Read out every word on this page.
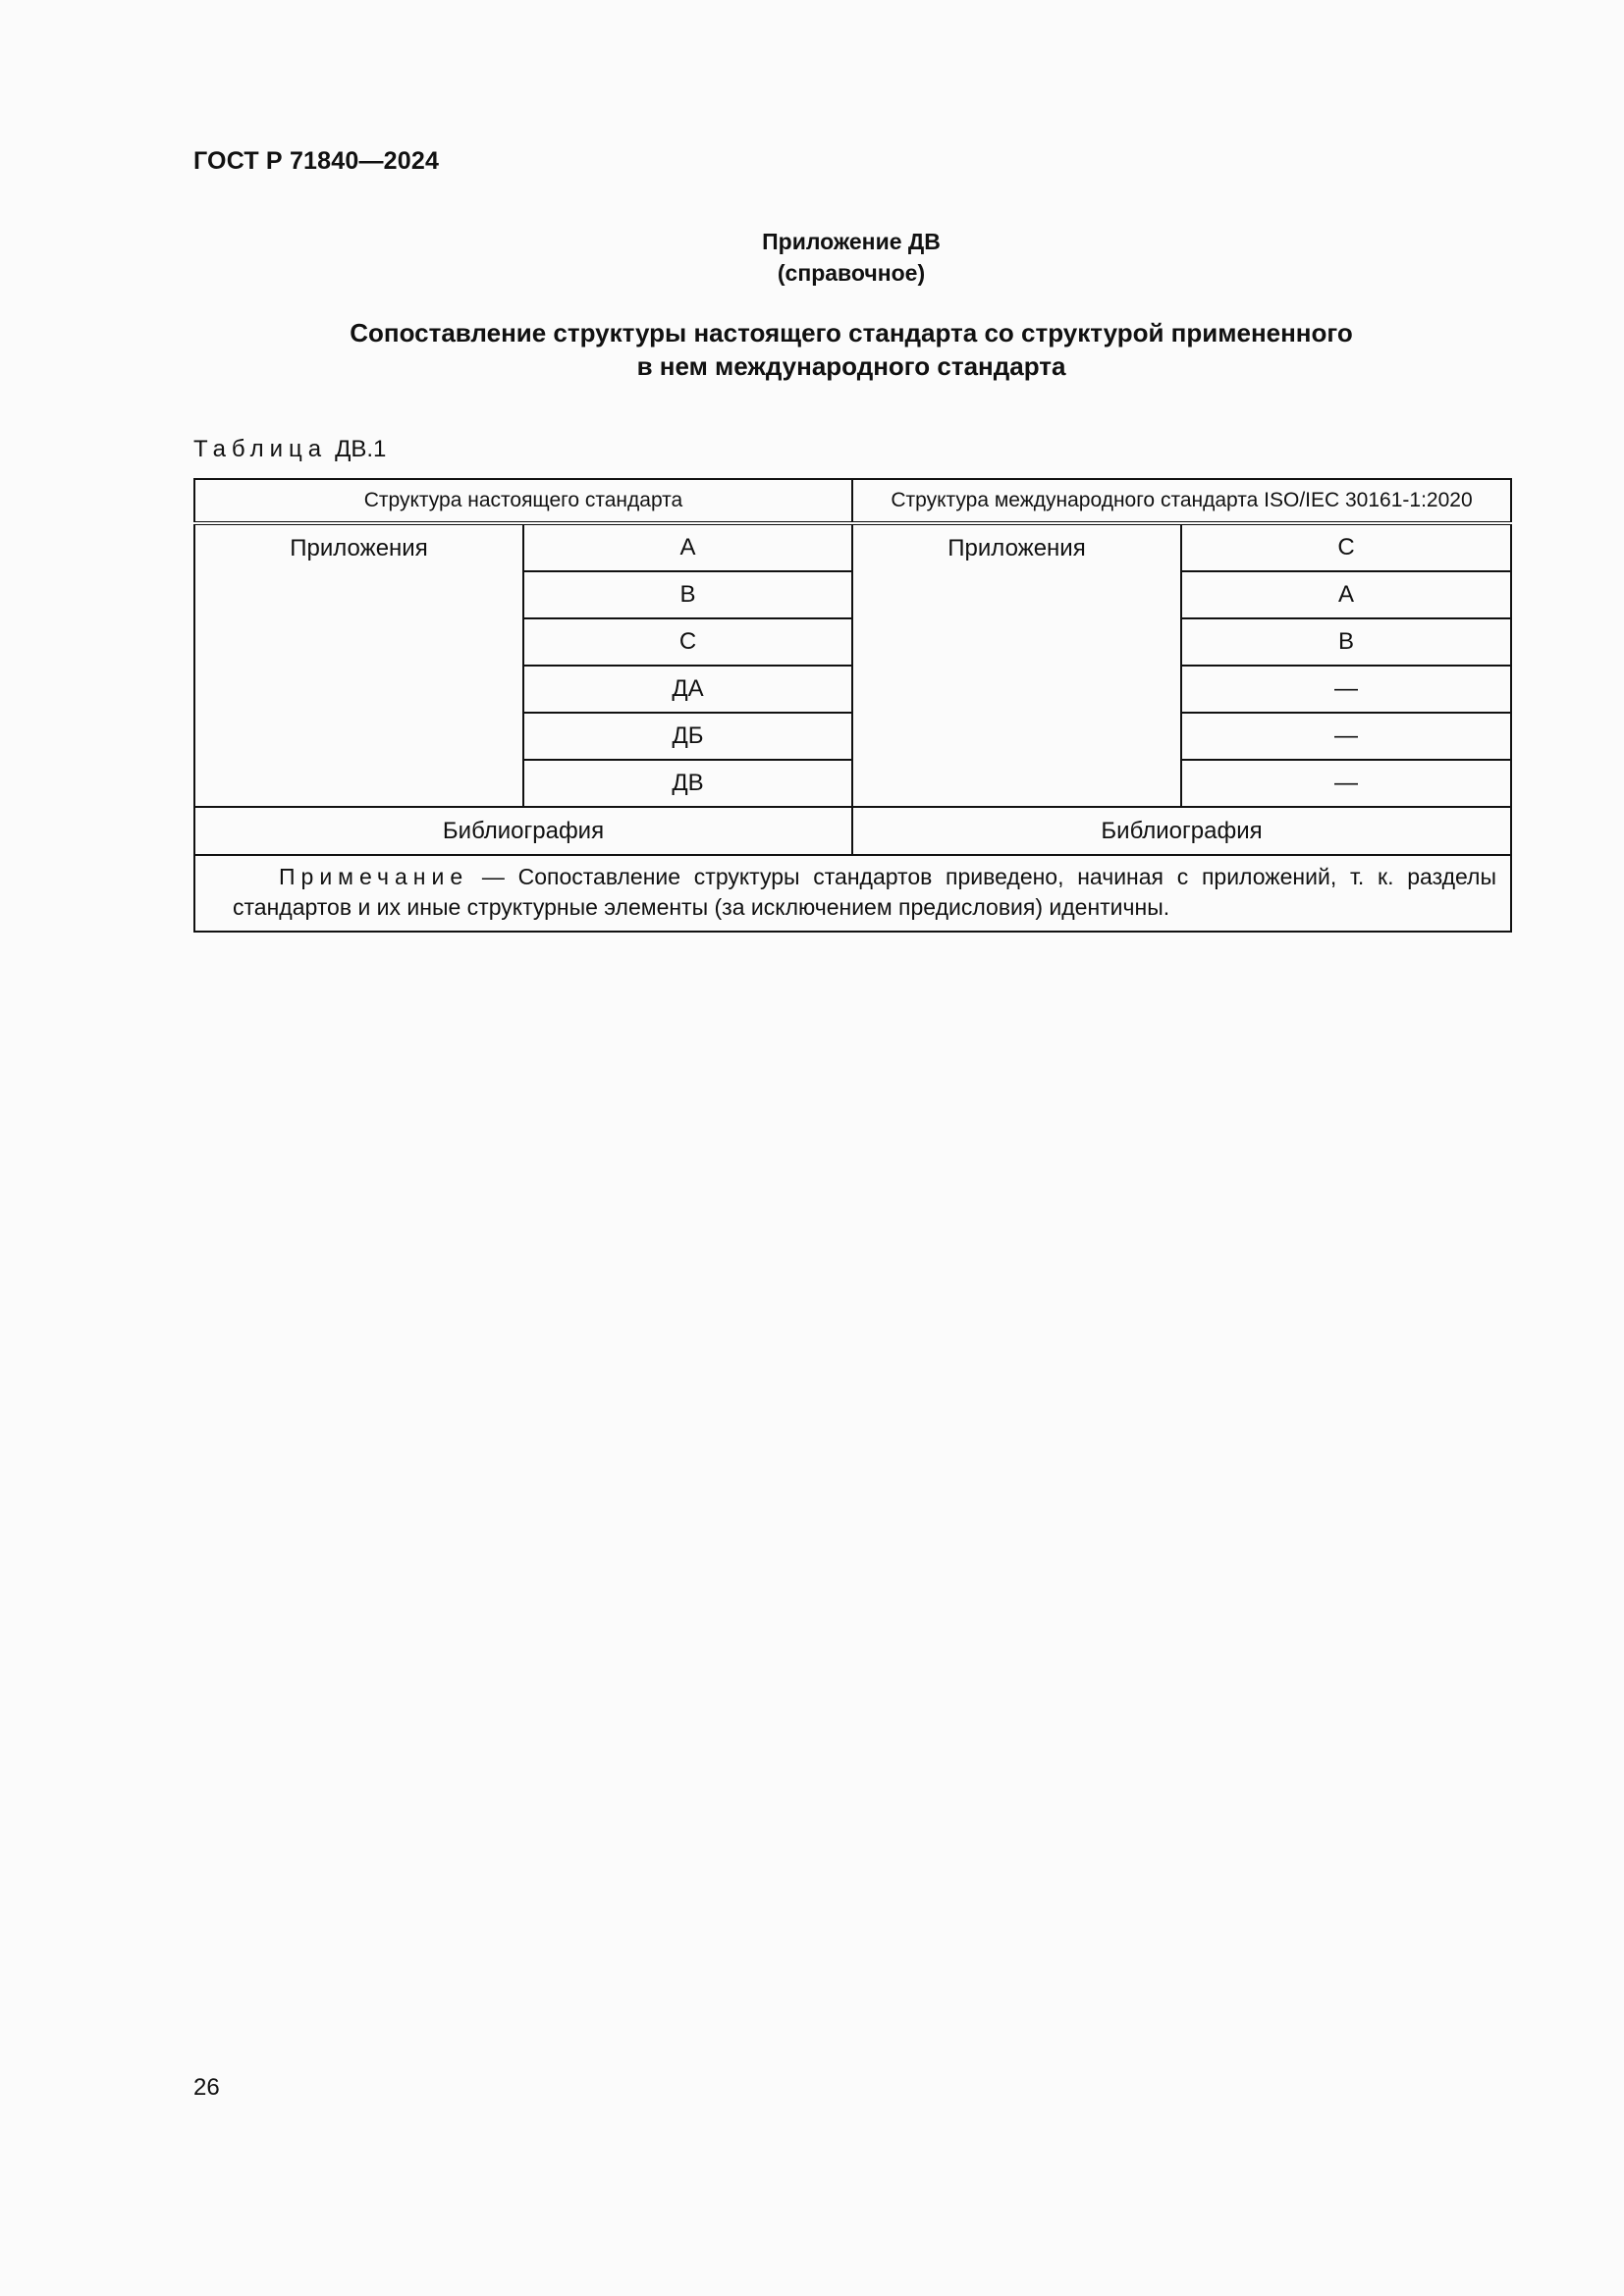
ГОСТ Р 71840—2024
Приложение ДВ
(справочное)
Сопоставление структуры настоящего стандарта со структурой примененного
в нем международного стандарта
Таблица ДВ.1
Структура настоящего стандарта		Структура международного стандарта ISO/IEC 30161-1:2020	
Приложения	А	Приложения	С
	В		А
	С		В
	ДА		—
	ДБ		—
	ДВ		—
Библиография		Библиография	
Примечание — Сопоставление структуры стандартов приведено, начиная с приложений, т. к. разделы стандартов и их иные структурные элементы (за исключением предисловия) идентичны.			
26
